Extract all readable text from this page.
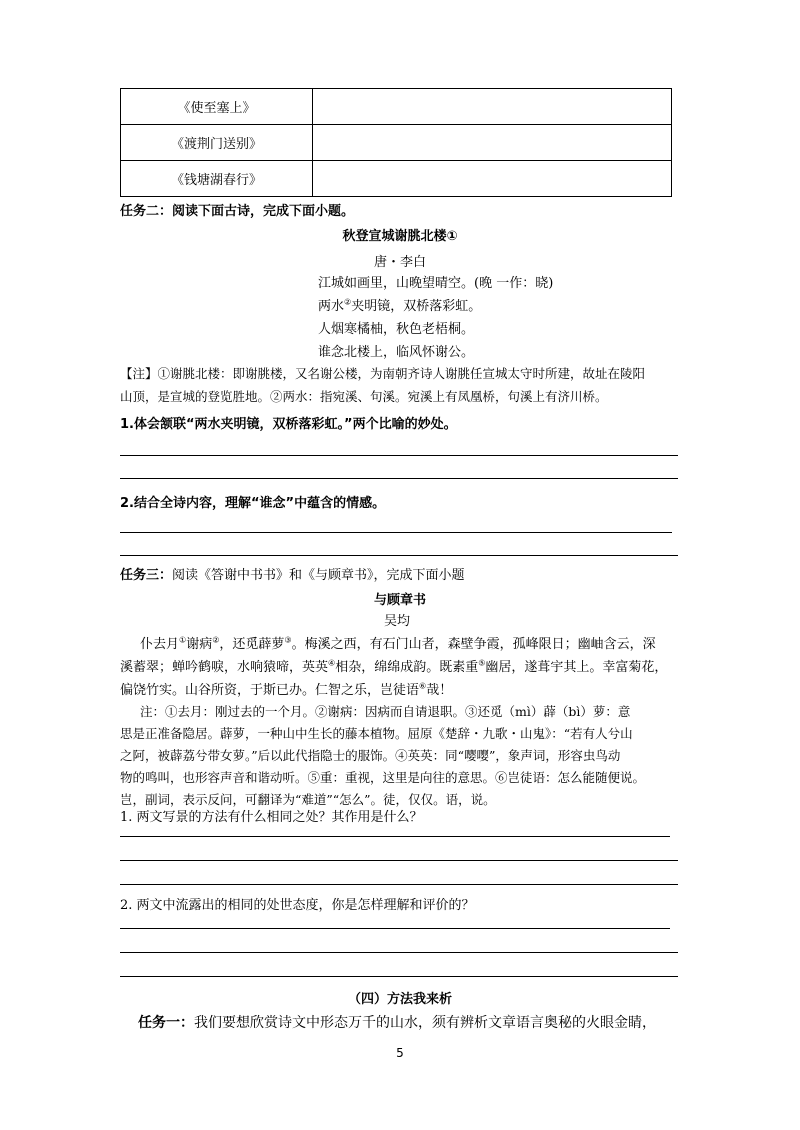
《使至塞上》	
《渡荆门送别》	
《钱塘湖春行》	
任务二：阅读下面古诗，完成下面小题。
秋登宣城谢朓北楼①
唐・李白
江城如画里，山晚望晴空。(晚 一作：晓)
两水②夹明镜，双桥落彩虹。
人烟寒橘柚，秋色老梧桐。
谁念北楼上，临风怀谢公。
【注】①谢朓北楼：即谢朓楼，又名谢公楼，为南朝齐诗人谢朓任宣城太守时所建，故址在陵阳
山顶，是宣城的登览胜地。②两水：指宛溪、句溪。宛溪上有凤凰桥，句溪上有济川桥。
1.体会颔联“两水夹明镜，双桥落彩虹。”两个比喻的妙处。
2.结合全诗内容，理解“谁念”中蕴含的情感。
任务三：阅读《答谢中书书》和《与顾章书》，完成下面小题
与顾章书
吴均
仆去月①谢病②，还觅薜萝③。梅溪之西，有石门山者，森壁争霞，孤峰限日；幽岫含云，深
溪蓄翠；蝉吟鹤唳，水响猿啼，英英④相杂，绵绵成韵。既素重⑤幽居，遂葺宇其上。幸富菊花，
偏饶竹实。山谷所资，于斯已办。仁智之乐，岂徒语⑥哉！
注：①去月：刚过去的一个月。②谢病：因病而自请退职。③还觅（mì）薜（bì）萝：意
思是正准备隐居。薜萝，一种山中生长的藤本植物。屈原《楚辞・九歌・山鬼》：“若有人兮山
之阿，被薜荔兮带女萝。”后以此代指隐士的服饰。④英英：同“嘤嘤”，象声词，形容虫鸟动
物的鸣叫，也形容声音和谐动听。⑤重：重视，这里是向往的意思。⑥岂徒语：怎么能随便说。
岂，副词，表示反问，可翻译为“难道”“怎么”。徒，仅仅。语，说。
1. 两文写景的方法有什么相同之处？其作用是什么？
2. 两文中流露出的相同的处世态度，你是怎样理解和评价的？
（四）方法我来析
任务一：我们要想欣赏诗文中形态万千的山水，须有辨析文章语言奥秘的火眼金睛，
5
